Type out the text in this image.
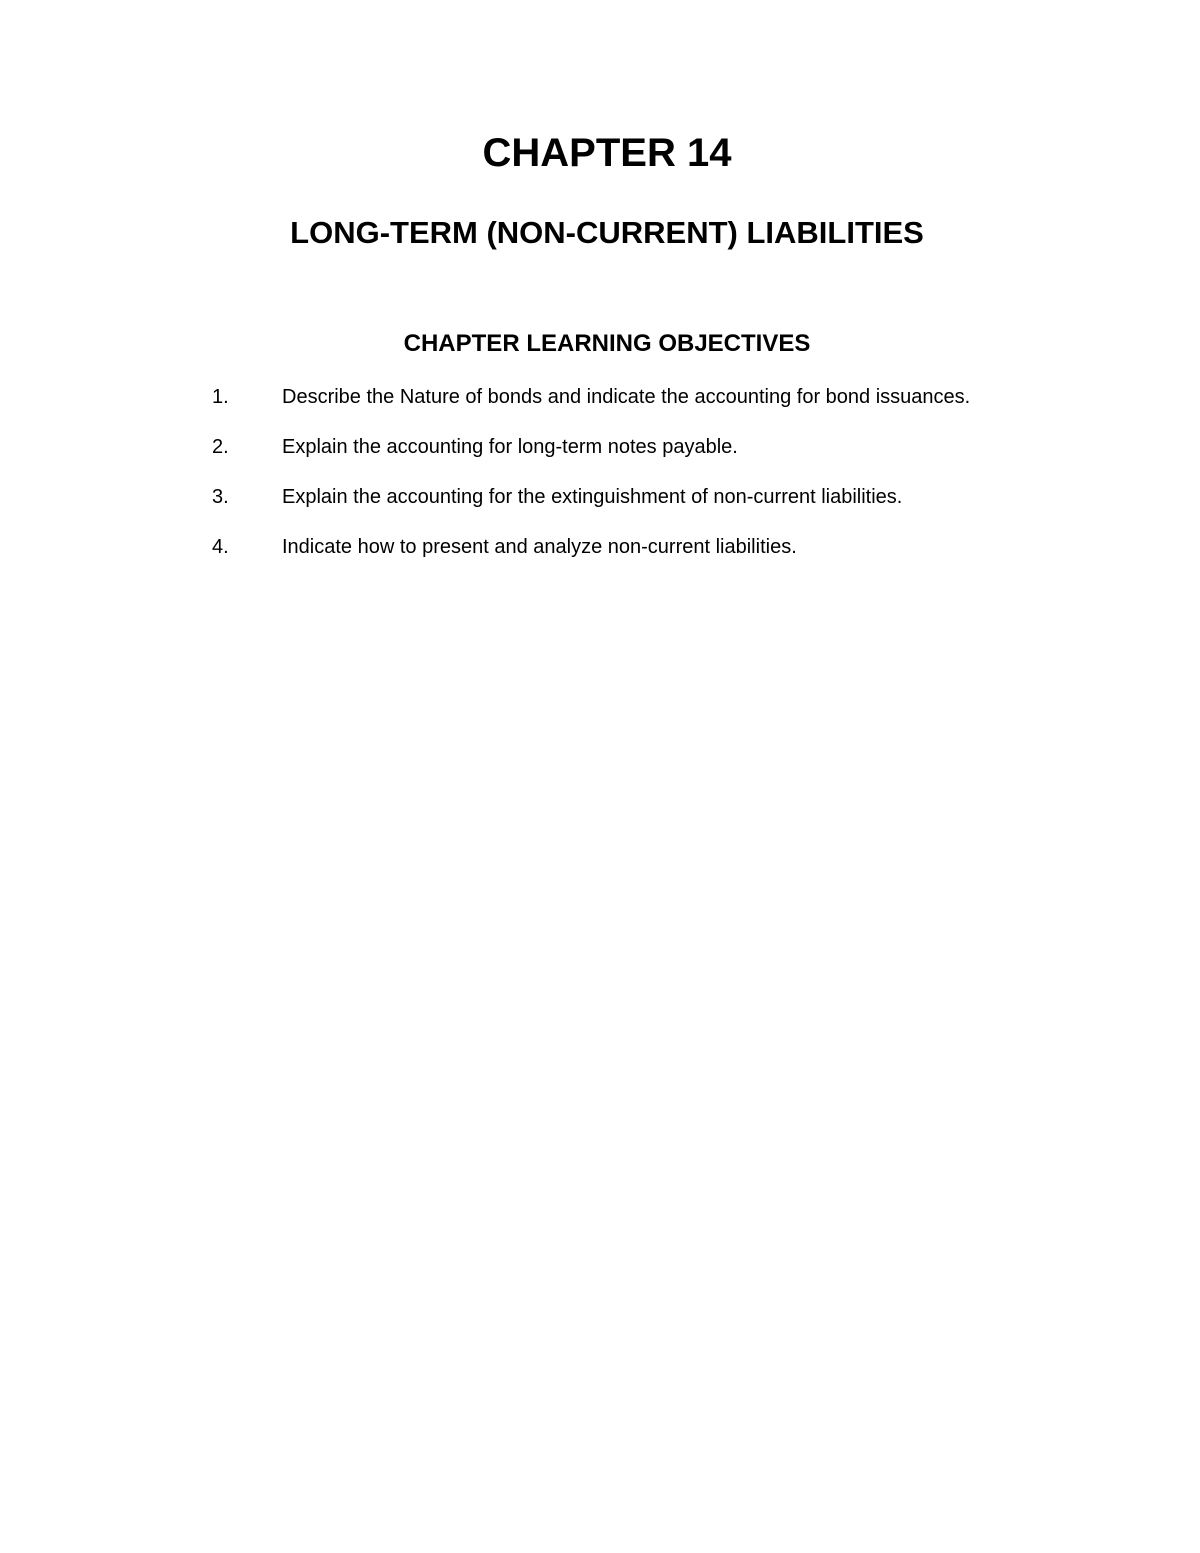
CHAPTER 14
LONG-TERM (NON-CURRENT) LIABILITIES
CHAPTER LEARNING OBJECTIVES
1.	Describe the Nature of bonds and indicate the accounting for bond issuances.
2.	Explain the accounting for long-term notes payable.
3.	Explain the accounting for the extinguishment of non-current liabilities.
4.	Indicate how to present and analyze non-current liabilities.
